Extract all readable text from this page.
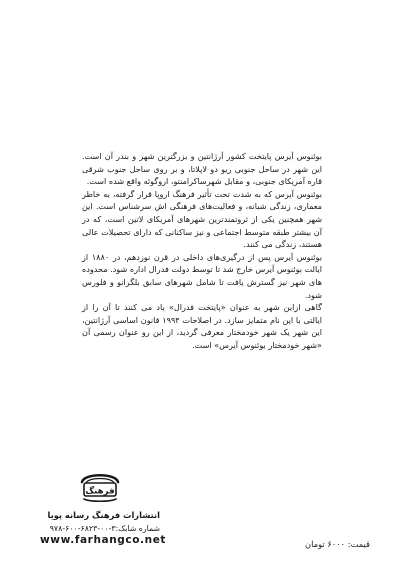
بوئنوس آیرس پایتخت کشور آرژانتین و بزرگترین شهر و بندر آن است. این شهر در ساحل جنوبی ریو دو لاپلاتا، و بر روی ساحل جنوب شرقی قاره آمریکای جنوبی، و مقابل شهرساکرامنتو، اروگوئه واقع شده است.

بوئنوس آیرس که به شدت تحت تأثیر فرهنگ اروپا قرار گرفته، به خاطر معماری، زندگی شبانه، و فعالیت‌های فرهنگی اش سرشناس است. این شهر همچنین یکی از ثروتمندترین شهرهای آمریکای لاتین است، که در آن بیشتر طبقه متوسط اجتماعی و نیز ساکنانی که دارای تحصیلات عالی هستند، زندگی می کنند.

بوئنوس آیرس پس از درگیری‌های داخلی در قرن نوزدهم، در ۱۸۸۰ از ایالت بوئنوس آیرس خارج شد تا توسط دولت فدرال اداره شود. محدوده های شهر نیز گسترش یافت تا شامل شهرهای سابق بلگرانو و فلورس شود.

گاهی ازاین شهر به عنوان «پایتخت فدرال» یاد می کنند تا آن را از ایالتی با این نام متمایز سازد. در اصلاحات ۱۹۹۴ قانون اساسی آرژانتین، این شهر یک شهر خودمختار معرفی گردید، از این رو عنوان رسمی آن «شهر خودمختار بوئنوس آیرس» است.

فرهنگ
انتشارات فرهنگ رسانه پویا
شماره شابک:۳-۰۰-۶۸۲۳-۶۰۰-۹۷۸
www.farhangco.net	قیمت: ۶۰۰۰ تومان
